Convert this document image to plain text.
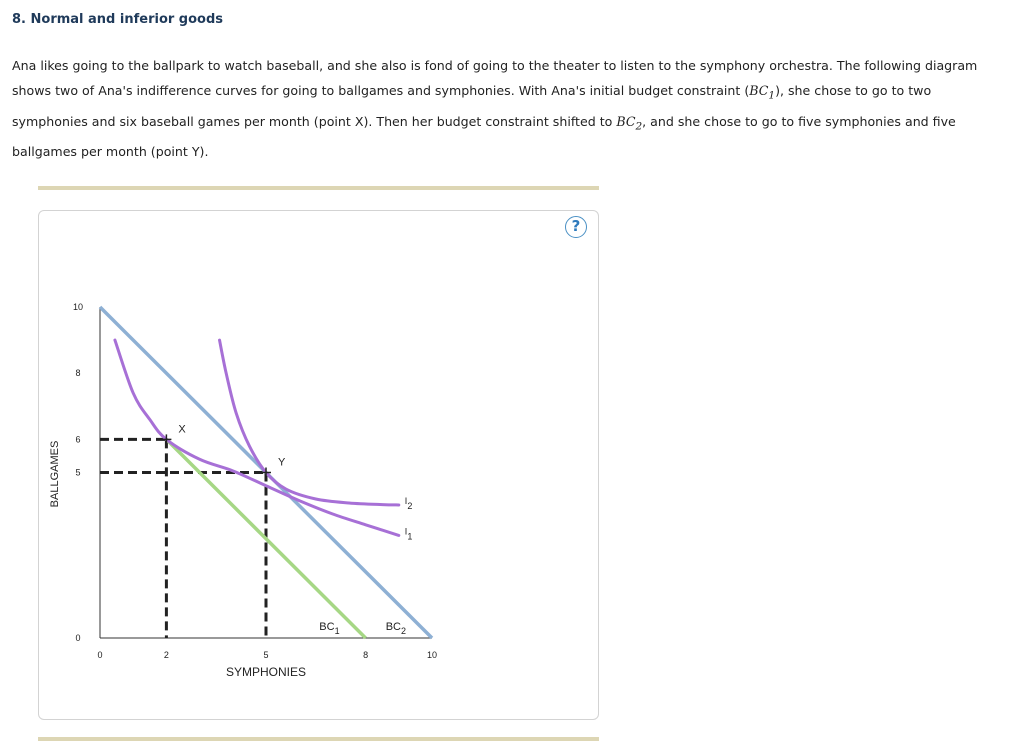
8. Normal and inferior goods
Ana likes going to the ballpark to watch baseball, and she also is fond of going to the theater to listen to the symphony orchestra. The following diagram shows two of Ana's indifference curves for going to ballgames and symphonies. With Ana's initial budget constraint $(BC_1)$, she chose to go to two symphonies and six baseball games per month (point X). Then her budget constraint shifted to $BC_2$, and she chose to go to five symphonies and five ballgames per month (point Y).
?
0	2	5	8	10
0
5
6
8
10
$BC_1$	$BC_2$
I1
I2
X
Y
SYMPHONIES
BALLGAMES
